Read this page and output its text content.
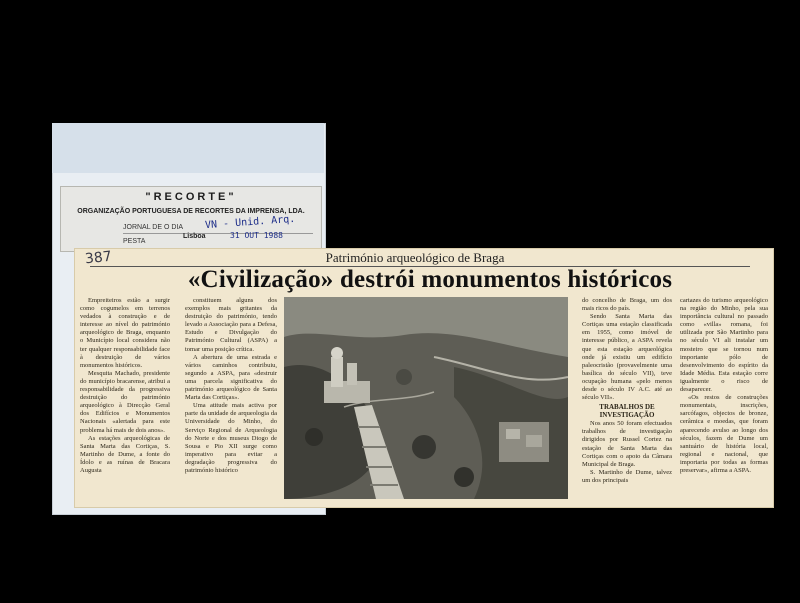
"RECORTE"
ORGANIZAÇÃO PORTUGUESA DE RECORTES DA IMPRENSA, LDA.
JORNAL DE O DIA
Lisboa
PESTA
VN - Unid. Arq.
31 OUT 1988
387	Património arqueológico de Braga
«Civilização» destrói monumentos históricos

Empreiteiros estão a surgir como cogumelos em terrenos vedados à construção e de interesse ao nível do património arqueológico de Braga, enquanto o Município local considera não ter qualquer responsabilidade face à destruição de vários monumentos históricos.

Mesquita Machado, presidente do município bracarense, atribui a responsabilidade da progressiva destruição do património arqueológico à Direcção Geral dos Edifícios e Monumentos Nacionais «alertada para este problema há mais de dois anos».

As estações arqueológicas de Santa Marta das Cortiças, S. Martinho de Dume, a fonte do Ídolo e as ruínas de Bracara Augusta

constituem alguns dos exemplos mais gritantes da destruição do património, tendo levado a Associação para a Defesa, Estudo e Divulgação do Património Cultural (ASPA) a tomar uma posição crítica.

A abertura de uma estrada e vários caminhos contribuiu, segundo a ASPA, para «destruir uma parcela significativa do património arqueológico de Santa Marta das Cortiças».

Uma atitude mais activa por parte da unidade de arqueologia da Universidade do Minho, do Serviço Regional de Arqueologia do Norte e dos museus Diogo de Sousa e Pio XII surge como imperativo para evitar a degradação progressiva do património histórico

do concelho de Braga, um dos mais ricos do país.

Sendo Santa Marta das Cortiças uma estação classificada em 1955, como imóvel de interesse público, a ASPA revela que esta estação arqueológica onde já existiu um edifício paleocristão (provavelmente uma basílica do século VII), teve ocupação humana «pelo menos desde o século IV A.C. até ao século VII».

TRABALHOS DE INVESTIGAÇÃO

Nos anos 50 foram efectuados trabalhos de investigação dirigidos por Russel Cortez na estação de Santa Marta das Cortiças com o apoio da Câmara Municipal de Braga.

S. Martinho de Dume, talvez um dos principais

cartazes do turismo arqueológico na região do Minho, pela sua importância cultural no passado como «villa» romana, foi utilizada por São Martinho para no século VI ali instalar um mosteiro que se tornou num importante pólo de desenvolvimento do espírito da Idade Média. Esta estação corre igualmente o risco de desaparecer.

«Os restos de construções monumentais, inscrições, sarcófagos, objectos de bronze, cerâmica e moedas, que foram aparecendo avulso ao longo dos séculos, fazem de Dume um santuário de história local, regional e nacional, que importaria por todas as formas preservar», afirma a ASPA.
